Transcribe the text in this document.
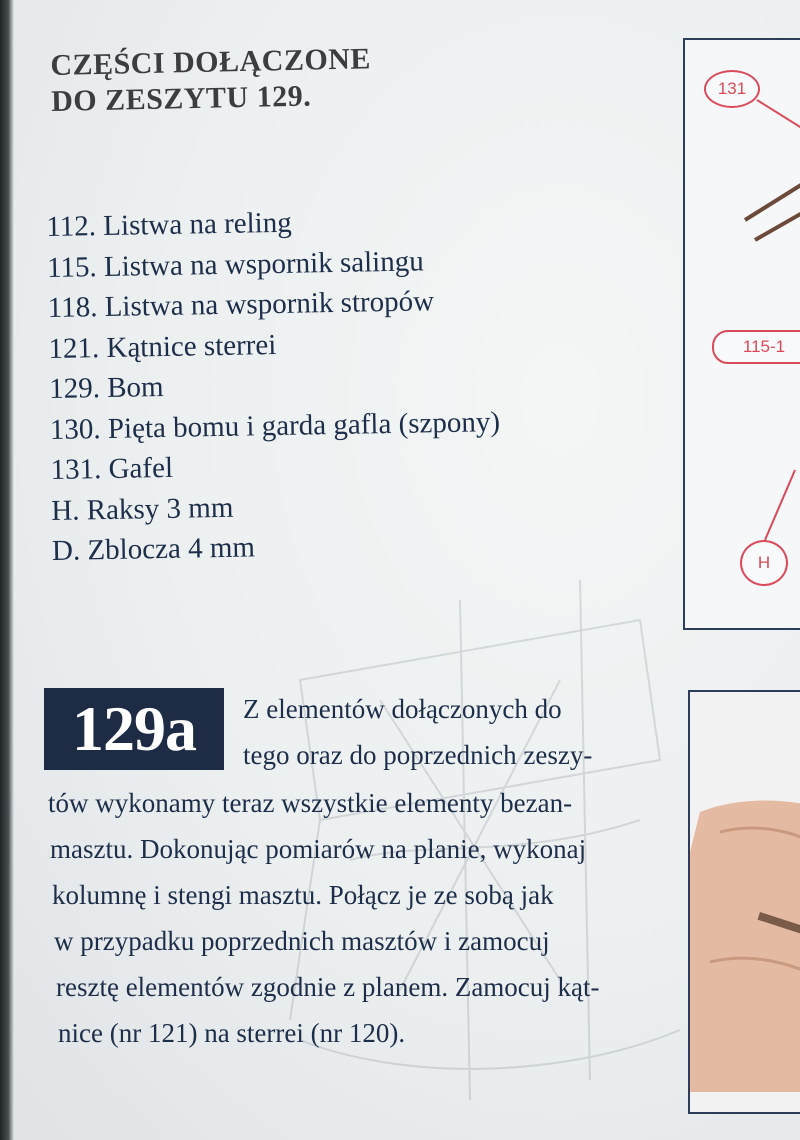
CZĘŚCI DOŁĄCZONE
DO ZESZYTU 129.
112. Listwa na reling
115. Listwa na wspornik salingu
118. Listwa na wspornik stropów
121. Kątnice sterrei
129. Bom
130. Pięta bomu i garda gafla (szpony)
131. Gafel
H. Raksy 3 mm
D. Zblocza 4 mm
129a	Z elementów dołączonych do
tego oraz do poprzednich zeszy-
tów wykonamy teraz wszystkie elementy bezan-
masztu. Dokonując pomiarów na planie, wykonaj
kolumnę i stengi masztu. Połącz je ze sobą jak
w przypadku poprzednich masztów i zamocuj
resztę elementów zgodnie z planem. Zamocuj kąt-
nice (nr 121) na sterrei (nr 120).
131
115-1
H
